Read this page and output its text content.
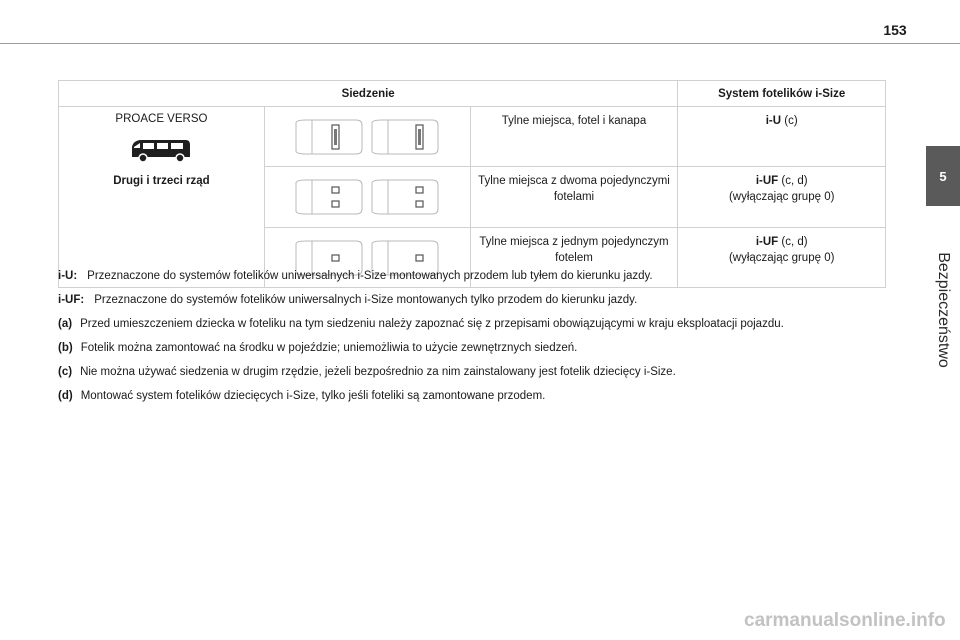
153
5
Bezpieczeństwo
Siedzenie			System fotelików i-Size

PROACE VERSO
Drugi i trzeci rząd		Tylne miejsca, fotel i kanapa	i-U (c)

	Tylne miejsca z dwoma pojedynczymi fotelami	i-UF (c, d)
(wyłączając grupę 0)

	Tylne miejsca z jednym pojedynczym fotelem	i-UF (c, d)
(wyłączając grupę 0)
i-U: Przeznaczone do systemów fotelików uniwersalnych i-Size montowanych przodem lub tyłem do kierunku jazdy.
i-UF: Przeznaczone do systemów fotelików uniwersalnych i-Size montowanych tylko przodem do kierunku jazdy.
(a) Przed umieszczeniem dziecka w foteliku na tym siedzeniu należy zapoznać się z przepisami obowiązującymi w kraju eksploatacji pojazdu.
(b) Fotelik można zamontować na środku w pojeździe; uniemożliwia to użycie zewnętrznych siedzeń.
(c) Nie można używać siedzenia w drugim rzędzie, jeżeli bezpośrednio za nim zainstalowany jest fotelik dziecięcy i-Size.
(d) Montować system fotelików dziecięcych i-Size, tylko jeśli foteliki są zamontowane przodem.
carmanualsonline.info
